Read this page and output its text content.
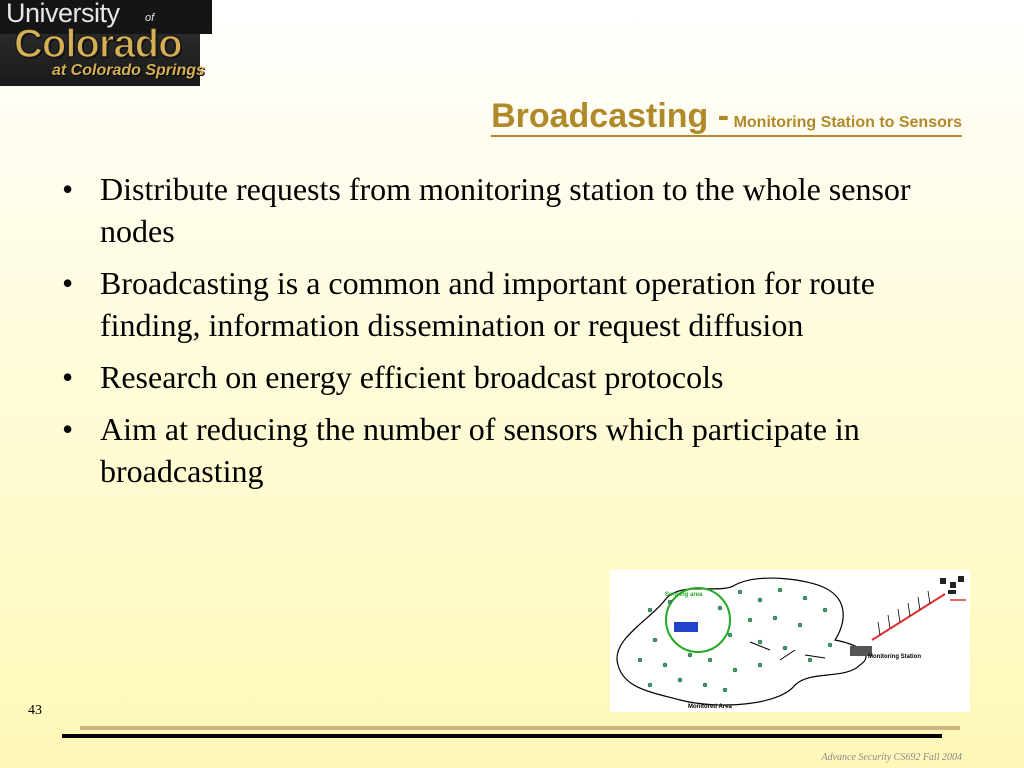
University of
Colorado
at Colorado Springs
Broadcasting - Monitoring Station to Sensors
• Distribute requests from monitoring station to the whole sensor nodes
• Broadcasting is a common and important operation for route finding, information dissemination or request diffusion
• Research on energy efficient broadcast protocols
• Aim at reducing the number of sensors which participate in broadcasting
Sensing area
Monitoring Station
Monitored Area
43
Advance Security CS692 Fall 2004
